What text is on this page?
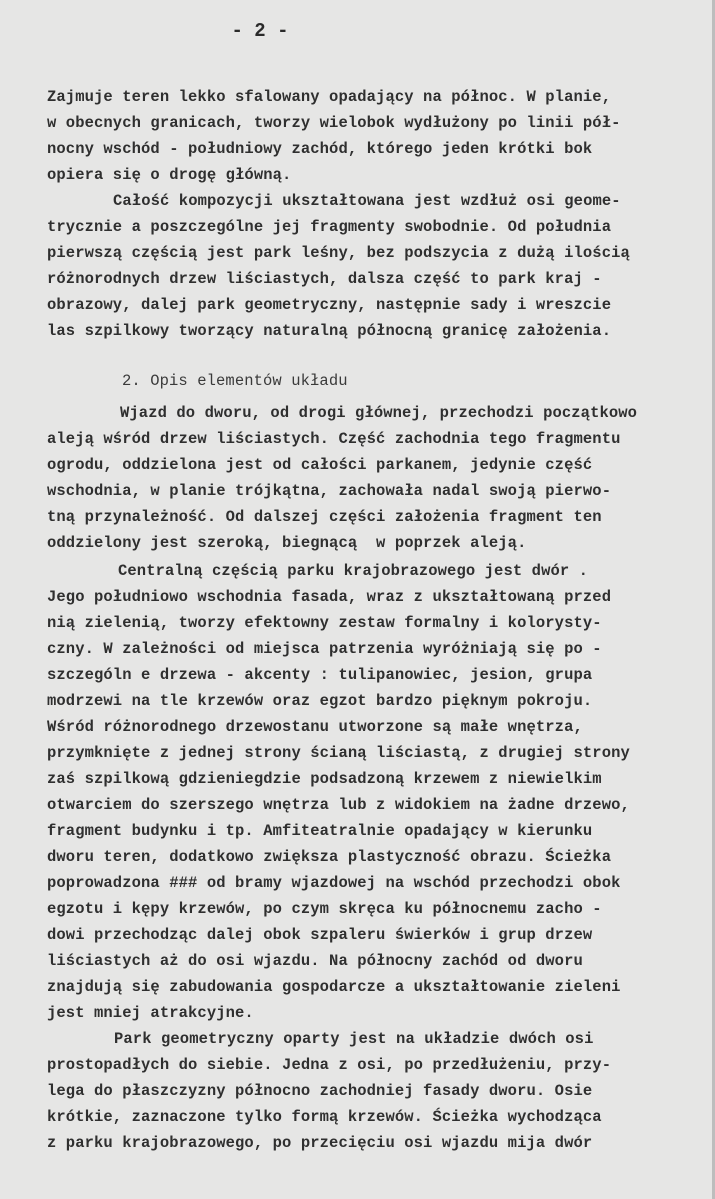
- 2 -
Zajmuje teren lekko sfalowany opadający na północ. W planie,
w obecnych granicach, tworzy wielobok wydłużony po linii pół-
nocny wschód - południowy zachód, którego jeden krótki bok
opiera się o drogę główną.
Całość kompozycji ukształtowana jest wzdłuż osi geome-
trycznie a poszczególne jej fragmenty swobodnie. Od południa
pierwszą częścią jest park leśny, bez podszycia z dużą ilością
różnorodnych drzew liściastych, dalsza część to park kraj -
obrazowy, dalej park geometryczny, następnie sady i wreszcie
las szpilkowy tworzący naturalną północną granicę założenia.
2. Opis elementów układu
Wjazd do dworu, od drogi głównej, przechodzi początkowo
aleją wśród drzew liściastych. Część zachodnia tego fragmentu
ogrodu, oddzielona jest od całości parkanem, jedynie część
wschodnia, w planie trójkątna, zachowała nadal swoją pierwo-
tną przynależność. Od dalszej części założenia fragment ten
oddzielony jest szeroką, biegnącą  w poprzek aleją.
Centralną częścią parku krajobrazowego jest dwór .
Jego południowo wschodnia fasada, wraz z ukształtowaną przed
nią zielenią, tworzy efektowny zestaw formalny i kolorysty-
czny. W zależności od miejsca patrzenia wyróżniają się po -
szczególn e drzewa - akcenty : tulipanowiec, jesion, grupa
modrzewi na tle krzewów oraz egzot bardzo pięknym pokroju.
Wśród różnorodnego drzewostanu utworzone są małe wnętrza,
przymknięte z jednej strony ścianą liściastą, z drugiej strony
zaś szpilkową gdzieniegdzie podsadzoną krzewem z niewielkim
otwarciem do szerszego wnętrza lub z widokiem na żadne drzewo,
fragment budynku i tp. Amfiteatralnie opadający w kierunku
dworu teren, dodatkowo zwiększa plastyczność obrazu. Ścieżka
poprowadzona ### od bramy wjazdowej na wschód przechodzi obok
egzotu i kępy krzewów, po czym skręca ku północnemu zacho -
dowi przechodząc dalej obok szpaleru świerków i grup drzew
liściastych aż do osi wjazdu. Na północny zachód od dworu
znajdują się zabudowania gospodarcze a ukształtowanie zieleni
jest mniej atrakcyjne.
Park geometryczny oparty jest na układzie dwóch osi
prostopadłych do siebie. Jedna z osi, po przedłużeniu, przy-
lega do płaszczyzny północno zachodniej fasady dworu. Osie
krótkie, zaznaczone tylko formą krzewów. Ścieżka wychodząca
z parku krajobrazowego, po przecięciu osi wjazdu mija dwór
